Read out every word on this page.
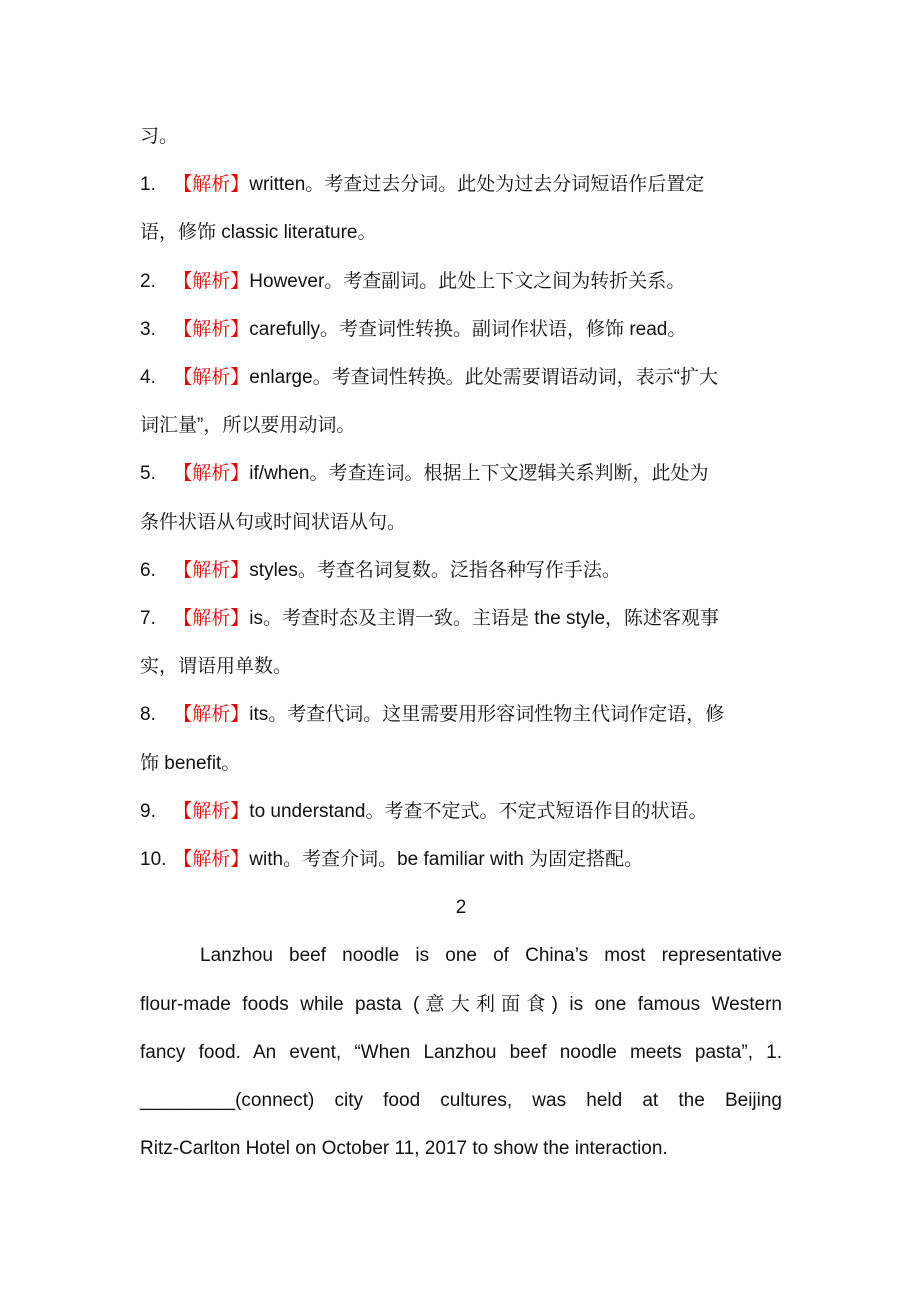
习。
1. 【解析】written。考查过去分词。此处为过去分词短语作后置定
语，修饰 classic literature。
2. 【解析】However。考查副词。此处上下文之间为转折关系。
3. 【解析】carefully。考查词性转换。副词作状语，修饰 read。
4. 【解析】enlarge。考查词性转换。此处需要谓语动词，表示“扩大
词汇量”，所以要用动词。
5. 【解析】if/when。考查连词。根据上下文逻辑关系判断，此处为
条件状语从句或时间状语从句。
6. 【解析】styles。考查名词复数。泛指各种写作手法。
7. 【解析】is。考查时态及主谓一致。主语是 the style，陈述客观事
实，谓语用单数。
8. 【解析】its。考查代词。这里需要用形容词性物主代词作定语，修
饰 benefit。
9. 【解析】to understand。考查不定式。不定式短语作目的状语。
10. 【解析】with。考查介词。be familiar with 为固定搭配。
2
Lanzhou beef noodle is one of China’s most representative
flour-made foods while pasta (意大利面食) is one famous Western
fancy food. An event, “When Lanzhou beef noodle meets pasta”, 1.
_________(connect) city food cultures, was held at the Beijing
Ritz-Carlton Hotel on October 11, 2017 to show the interaction.
